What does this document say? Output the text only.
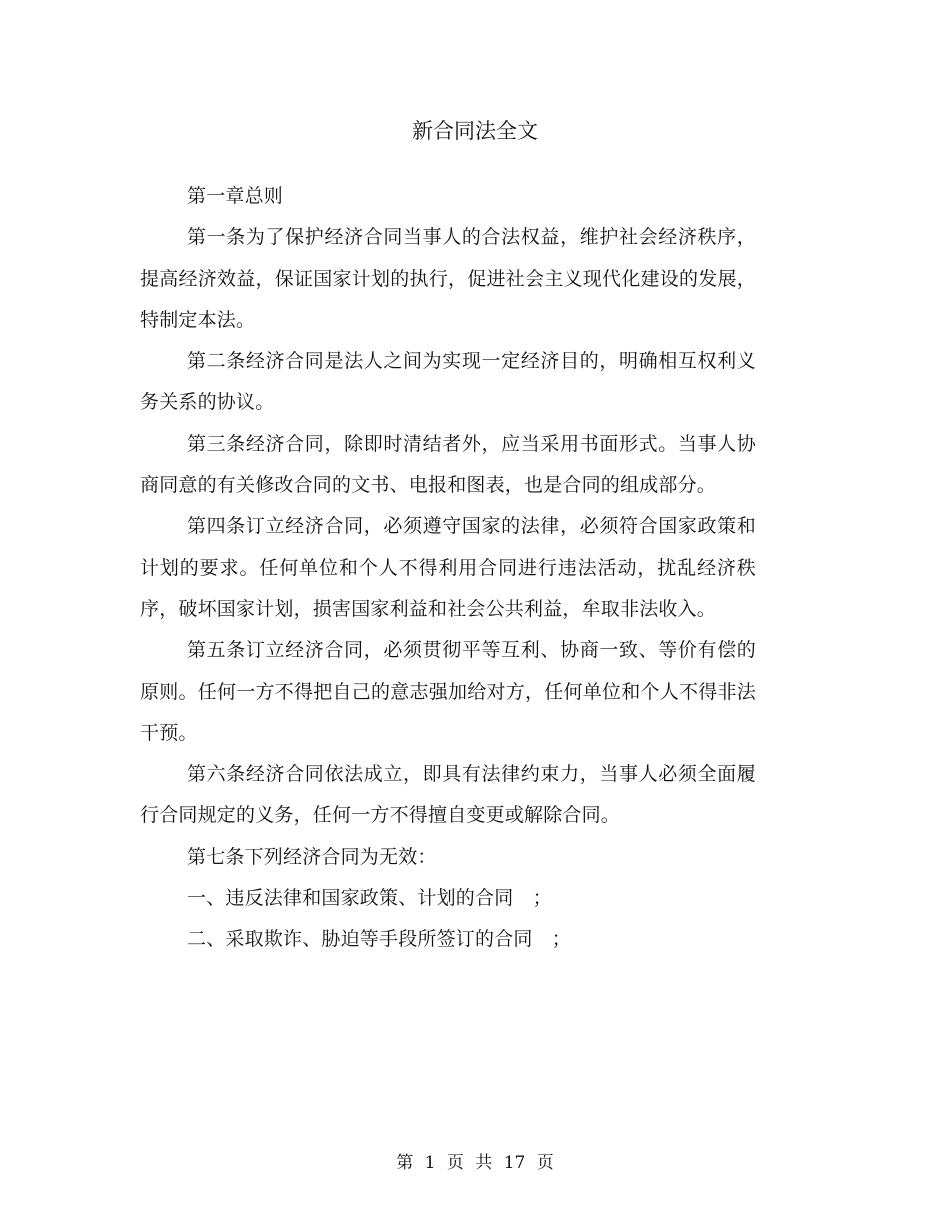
新合同法全文

第一章总则

第一条为了保护经济合同当事人的合法权益，维护社会经济秩序，提高经济效益，保证国家计划的执行，促进社会主义现代化建设的发展，特制定本法。

第二条经济合同是法人之间为实现一定经济目的，明确相互权利义务关系的协议。

第三条经济合同，除即时清结者外，应当采用书面形式。当事人协商同意的有关修改合同的文书、电报和图表，也是合同的组成部分。

第四条订立经济合同，必须遵守国家的法律，必须符合国家政策和计划的要求。任何单位和个人不得利用合同进行违法活动，扰乱经济秩序，破坏国家计划，损害国家利益和社会公共利益，牟取非法收入。

第五条订立经济合同，必须贯彻平等互利、协商一致、等价有偿的原则。任何一方不得把自己的意志强加给对方，任何单位和个人不得非法干预。

第六条经济合同依法成立，即具有法律约束力，当事人必须全面履行合同规定的义务，任何一方不得擅自变更或解除合同。

第七条下列经济合同为无效：

一、违反法律和国家政策、计划的合同　；

二、采取欺诈、胁迫等手段所签订的合同　；

第 1 页 共 17 页
